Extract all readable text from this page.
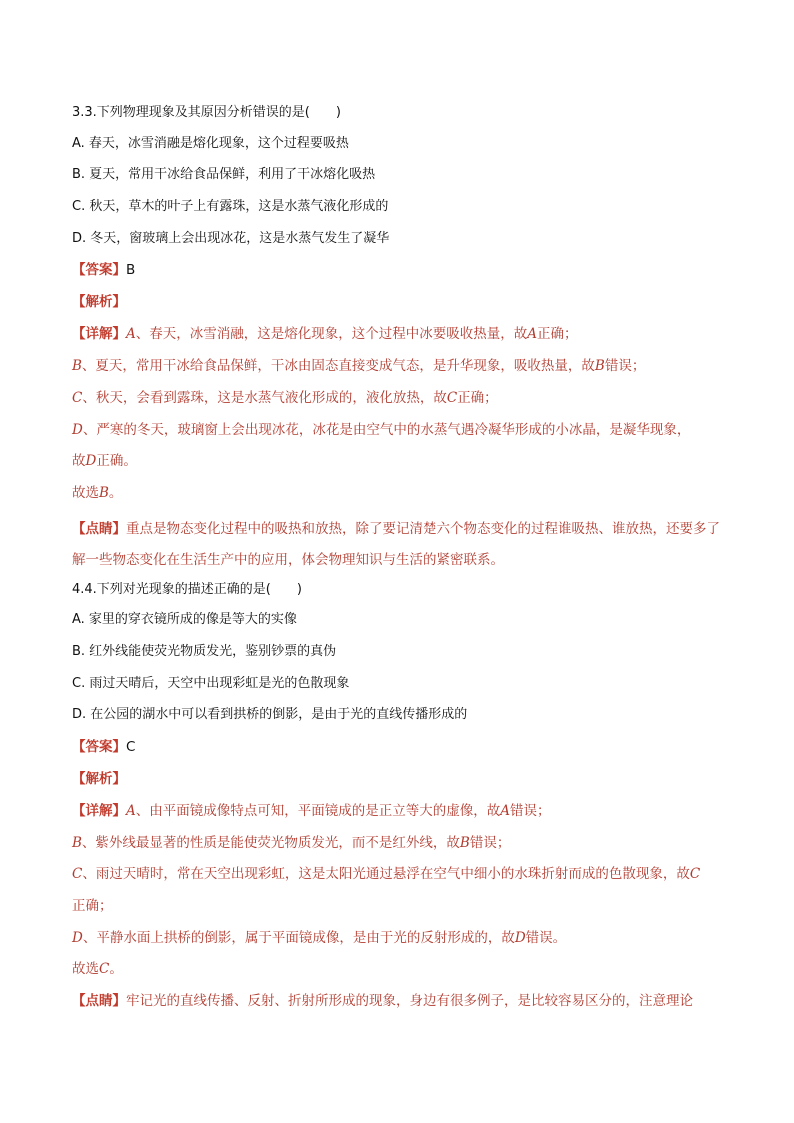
3.3.下列物理现象及其原因分析错误的是(　　)
A. 春天，冰雪消融是熔化现象，这个过程要吸热
B. 夏天，常用干冰给食品保鲜，利用了干冰熔化吸热
C. 秋天，草木的叶子上有露珠，这是水蒸气液化形成的
D. 冬天，窗玻璃上会出现冰花，这是水蒸气发生了凝华
【答案】B
【解析】
【详解】A、春天，冰雪消融，这是熔化现象，这个过程中冰要吸收热量，故A正确；
B、夏天，常用干冰给食品保鲜，干冰由固态直接变成气态，是升华现象，吸收热量，故B错误；
C、秋天，会看到露珠，这是水蒸气液化形成的，液化放热，故C正确；
D、严寒的冬天，玻璃窗上会出现冰花，冰花是由空气中的水蒸气遇冷凝华形成的小冰晶，是凝华现象，
故D正确。
故选B。
【点睛】重点是物态变化过程中的吸热和放热，除了要记清楚六个物态变化的过程谁吸热、谁放热，还要多了解一些物态变化在生活生产中的应用，体会物理知识与生活的紧密联系。
4.4.下列对光现象的描述正确的是(　　)
A. 家里的穿衣镜所成的像是等大的实像
B. 红外线能使荧光物质发光，鉴别钞票的真伪
C. 雨过天晴后，天空中出现彩虹是光的色散现象
D. 在公园的湖水中可以看到拱桥的倒影，是由于光的直线传播形成的
【答案】C
【解析】
【详解】A、由平面镜成像特点可知，平面镜成的是正立等大的虚像，故A错误；
B、紫外线最显著的性质是能使荧光物质发光，而不是红外线，故B错误；
C、雨过天晴时，常在天空出现彩虹，这是太阳光通过悬浮在空气中细小的水珠折射而成的色散现象，故C
正确；
D、平静水面上拱桥的倒影，属于平面镜成像，是由于光的反射形成的，故D错误。
故选C。
【点睛】牢记光的直线传播、反射、折射所形成的现象，身边有很多例子，是比较容易区分的，注意理论
